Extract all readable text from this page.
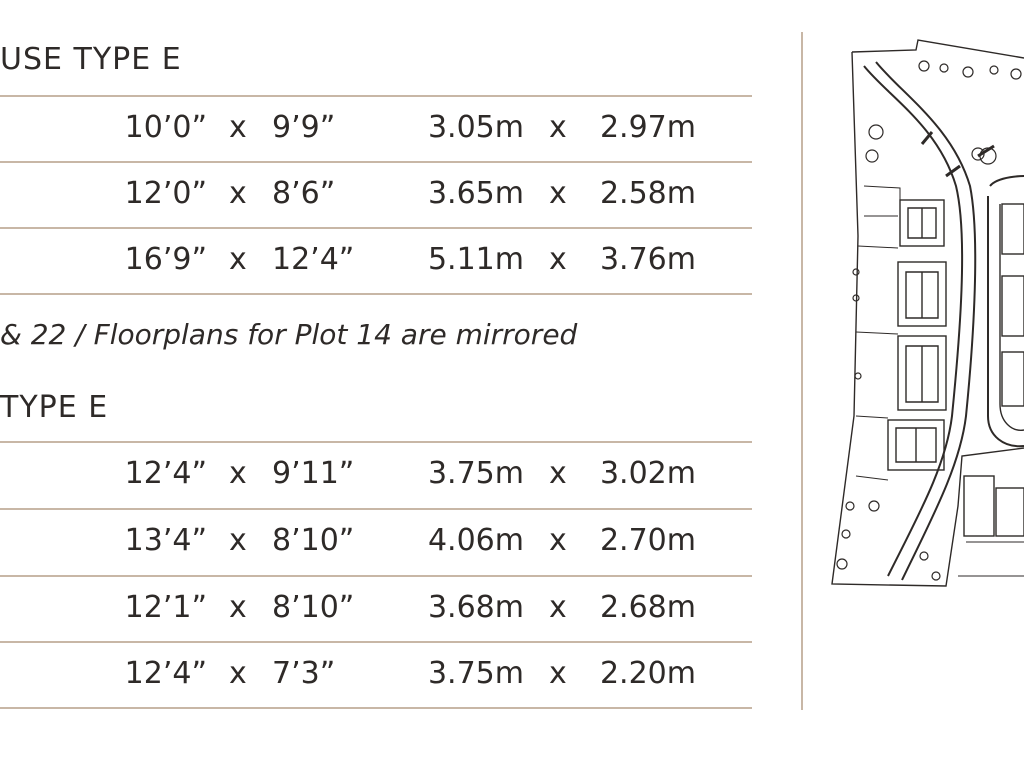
USE TYPE E
10’0” x 9’9”	3.05m x 2.97m
12’0” x 8’6”	3.65m x 2.58m
16’9” x 12’4” 5.11m x 3.76m
& 22 / Floorplans for Plot 14 are mirrored
TYPE E
12’4” x 9’11” 3.75m x 3.02m
13’4” x 8’10” 4.06m x 2.70m
12’1” x 8’10” 3.68m x 2.68m
12’4” x 7’3”	3.75m x 2.20m
